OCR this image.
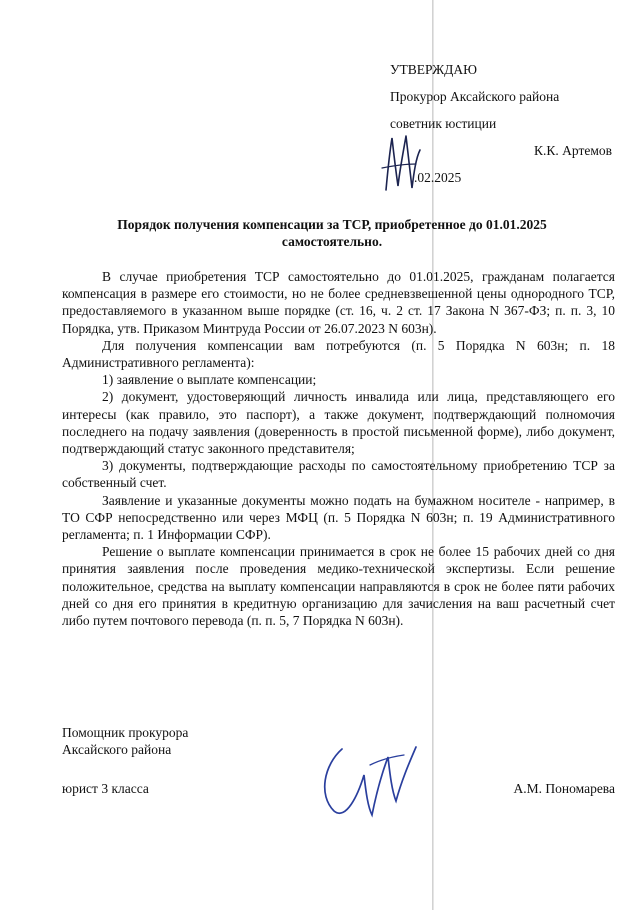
УТВЕРЖДАЮ
Прокурор Аксайского района
советник юстиции
К.К. Артемов
.02.2025
Порядок получения компенсации за ТСР, приобретенное до 01.01.2025
самостоятельно.

В случае приобретения ТСР самостоятельно до 01.01.2025, гражданам полагается компенсация в размере его стоимости, но не более средневзвешенной цены однородного ТСР, предоставляемого в указанном выше порядке (ст. 16, ч. 2 ст. 17 Закона N 367-ФЗ; п. п. 3, 10 Порядка, утв. Приказом Минтруда России от 26.07.2023 N 603н).

Для получения компенсации вам потребуются (п. 5 Порядка N 603н; п. 18 Административного регламента):

1) заявление о выплате компенсации;

2) документ, удостоверяющий личность инвалида или лица, представляющего его интересы (как правило, это паспорт), а также документ, подтверждающий полномочия последнего на подачу заявления (доверенность в простой письменной форме), либо документ, подтверждающий статус законного представителя;

3) документы, подтверждающие расходы по самостоятельному приобретению ТСР за собственный счет.

Заявление и указанные документы можно подать на бумажном носителе - например, в ТО СФР непосредственно или через МФЦ (п. 5 Порядка N 603н; п. 19 Административного регламента; п. 1 Информации СФР).

Решение о выплате компенсации принимается в срок не более 15 рабочих дней со дня принятия заявления после проведения медико-технической экспертизы. Если решение положительное, средства на выплату компенсации направляются в срок не более пяти рабочих дней со дня его принятия в кредитную организацию для зачисления на ваш расчетный счет либо путем почтового перевода (п. п. 5, 7 Порядка N 603н).

Помощник прокурора
Аксайского района
юрист 3 класса	А.М. Пономарева
